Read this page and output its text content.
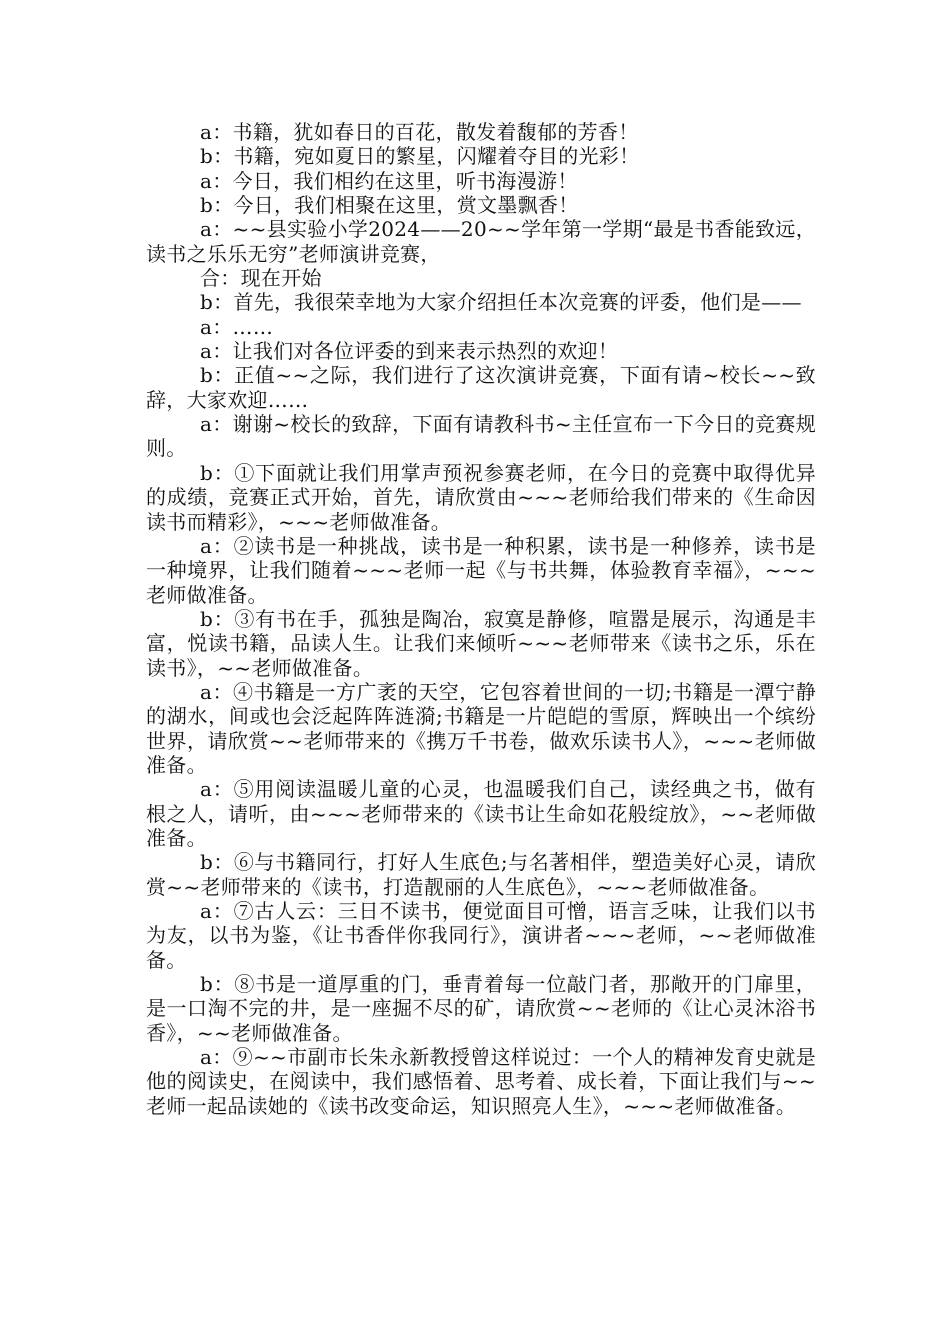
a：书籍，犹如春日的百花，散发着馥郁的芳香！

b：书籍，宛如夏日的繁星，闪耀着夺目的光彩！

a：今日，我们相约在这里，听书海漫游！

b：今日，我们相聚在这里，赏文墨飘香！

a：~~县实验小学2024——20~~学年第一学期“最是书香能致远，读书之乐乐无穷”老师演讲竞赛，

合：现在开始

b：首先，我很荣幸地为大家介绍担任本次竞赛的评委，他们是——

a：……

a：让我们对各位评委的到来表示热烈的欢迎！

b：正值~~之际，我们进行了这次演讲竞赛，下面有请~校长~~致辞，大家欢迎……

a：谢谢~校长的致辞，下面有请教科书~主任宣布一下今日的竞赛规则。

b：①下面就让我们用掌声预祝参赛老师，在今日的竞赛中取得优异的成绩，竞赛正式开始，首先，请欣赏由~~~老师给我们带来的《生命因读书而精彩》，~~~老师做准备。

a：②读书是一种挑战，读书是一种积累，读书是一种修养，读书是一种境界，让我们随着~~~老师一起《与书共舞，体验教育幸福》，~~~老师做准备。

b：③有书在手，孤独是陶冶，寂寞是静修，喧嚣是展示，沟通是丰富，悦读书籍，品读人生。让我们来倾听~~~老师带来《读书之乐，乐在读书》，~~老师做准备。

a：④书籍是一方广袤的天空，它包容着世间的一切;书籍是一潭宁静的湖水，间或也会泛起阵阵涟漪;书籍是一片皑皑的雪原，辉映出一个缤纷世界，请欣赏~~老师带来的《携万千书卷，做欢乐读书人》，~~~老师做准备。

a：⑤用阅读温暖儿童的心灵，也温暖我们自己，读经典之书，做有根之人，请听，由~~~老师带来的《读书让生命如花般绽放》，~~老师做准备。

b：⑥与书籍同行，打好人生底色;与名著相伴，塑造美好心灵，请欣赏~~老师带来的《读书，打造靓丽的人生底色》，~~~老师做准备。

a：⑦古人云：三日不读书，便觉面目可憎，语言乏味，让我们以书为友，以书为鉴，《让书香伴你我同行》，演讲者~~~老师，~~老师做准备。

b：⑧书是一道厚重的门，垂青着每一位敲门者，那敞开的门扉里，是一口淘不完的井，是一座掘不尽的矿，请欣赏~~老师的《让心灵沐浴书香》，~~老师做准备。

a：⑨~~市副市长朱永新教授曾这样说过：一个人的精神发育史就是他的阅读史，在阅读中，我们感悟着、思考着、成长着，下面让我们与~~老师一起品读她的《读书改变命运，知识照亮人生》，~~~老师做准备。
